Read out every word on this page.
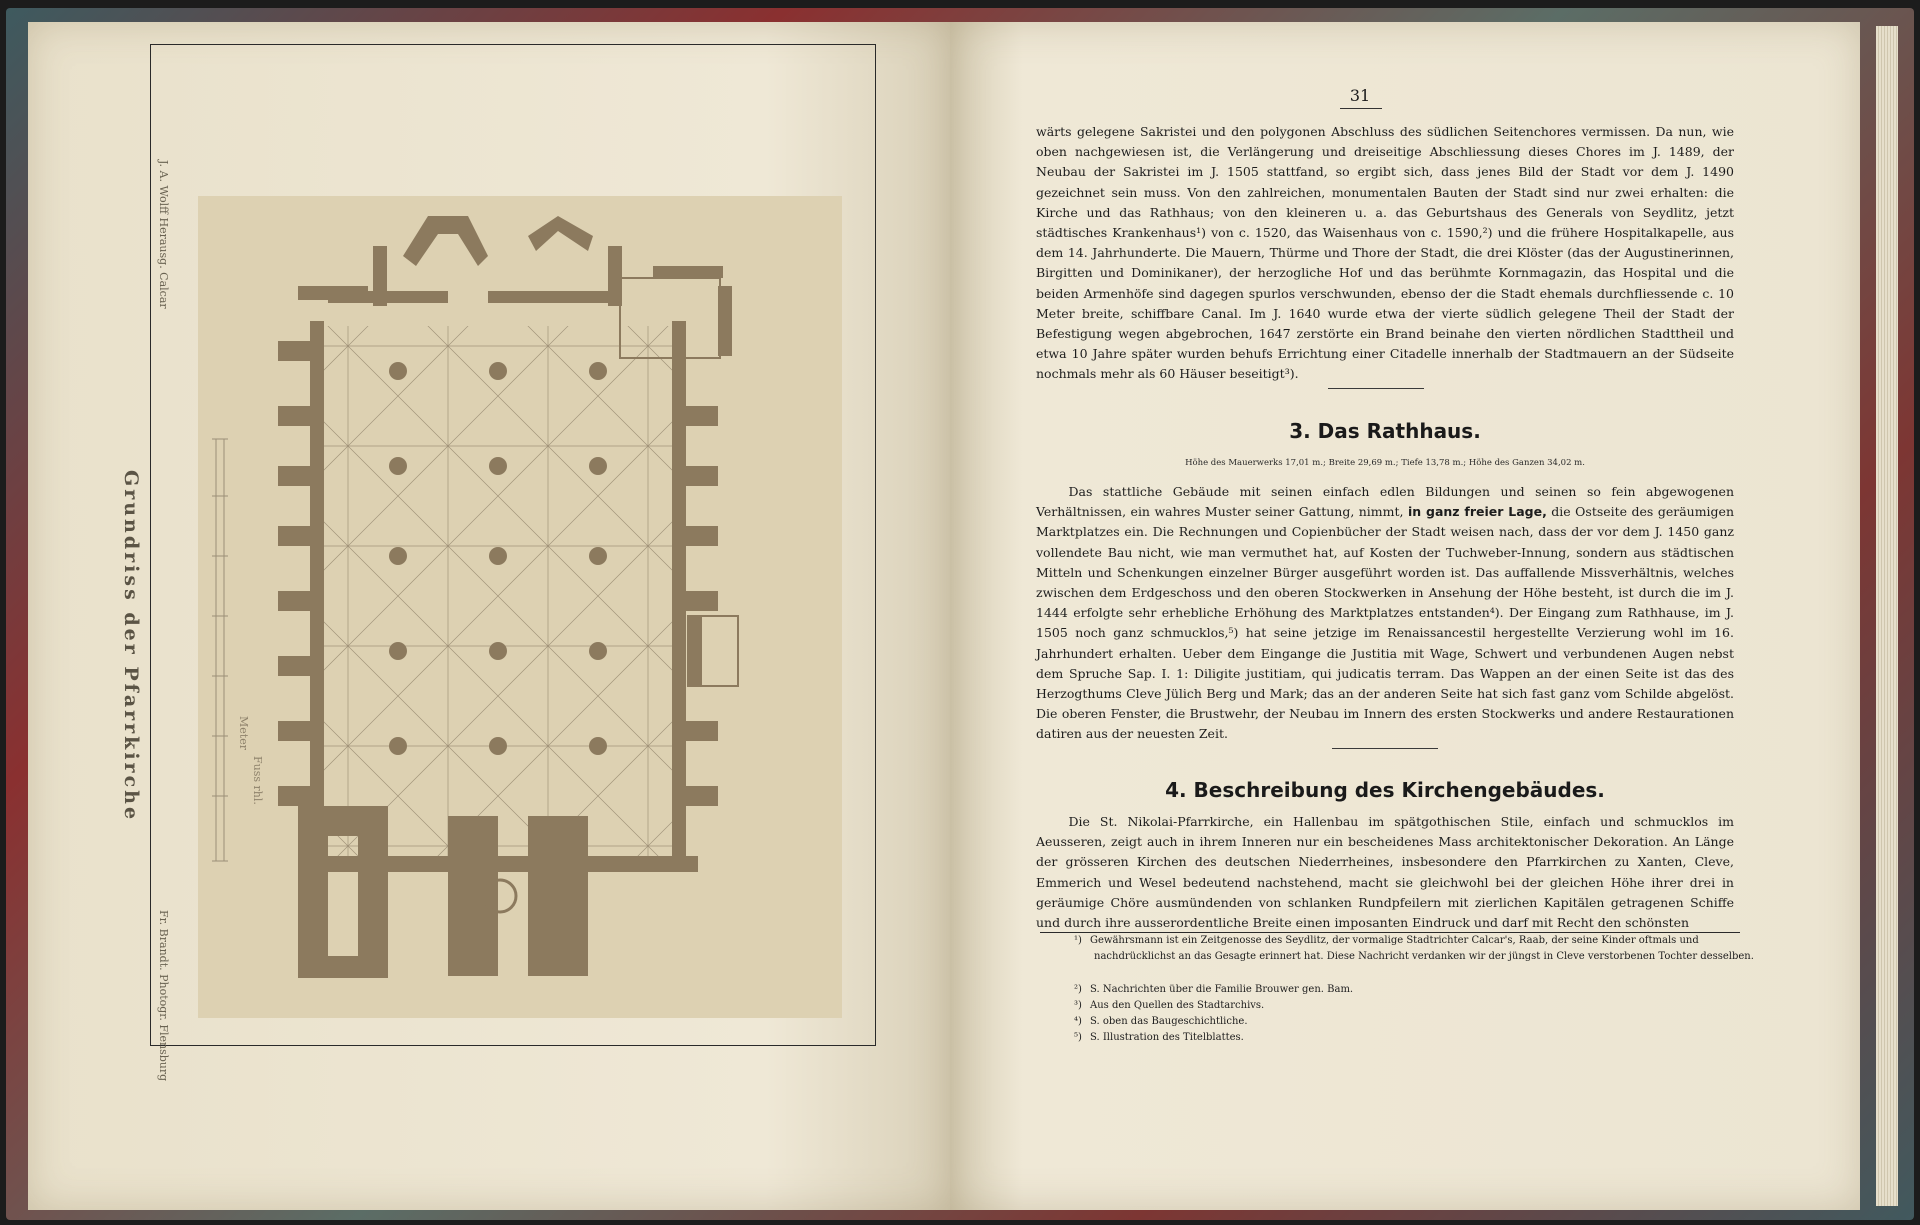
J. A. Wolff Herausg. Calcar
Grundriss der Pfarrkirche
Fr. Brandt. Photogr. Flensburg
Meter
Fuss rhl.
31
wärts gelegene Sakristei und den polygonen Abschluss des südlichen Seitenchores vermissen. Da nun, wie oben nachgewiesen ist, die Verlängerung und dreiseitige Abschliessung dieses Chores im J. 1489, der Neubau der Sakristei im J. 1505 stattfand, so ergibt sich, dass jenes Bild der Stadt vor dem J. 1490 gezeichnet sein muss. Von den zahlreichen, monumentalen Bauten der Stadt sind nur zwei erhalten: die Kirche und das Rathhaus; von den kleineren u. a. das Geburtshaus des Generals von Seydlitz, jetzt städtisches Krankenhaus¹) von c. 1520, das Waisenhaus von c. 1590,²) und die frühere Hospitalkapelle, aus dem 14. Jahrhunderte. Die Mauern, Thürme und Thore der Stadt, die drei Klöster (das der Augustinerinnen, Birgitten und Dominikaner), der herzogliche Hof und das berühmte Kornmagazin, das Hospital und die beiden Armenhöfe sind dagegen spurlos verschwunden, ebenso der die Stadt ehemals durchfliessende c. 10 Meter breite, schiffbare Canal. Im J. 1640 wurde etwa der vierte südlich gelegene Theil der Stadt der Befestigung wegen abgebrochen, 1647 zerstörte ein Brand beinahe den vierten nördlichen Stadttheil und etwa 10 Jahre später wurden behufs Errichtung einer Citadelle innerhalb der Stadtmauern an der Südseite nochmals mehr als 60 Häuser beseitigt³).
3. Das Rathhaus.
Höhe des Mauerwerks 17,01 m.; Breite 29,69 m.; Tiefe 13,78 m.; Höhe des Ganzen 34,02 m.
Das stattliche Gebäude mit seinen einfach edlen Bildungen und seinen so fein abgewogenen Verhältnissen, ein wahres Muster seiner Gattung, nimmt, in ganz freier Lage, die Ostseite des geräumigen Marktplatzes ein. Die Rechnungen und Copienbücher der Stadt weisen nach, dass der vor dem J. 1450 ganz vollendete Bau nicht, wie man vermuthet hat, auf Kosten der Tuchweber-Innung, sondern aus städtischen Mitteln und Schenkungen einzelner Bürger ausgeführt worden ist. Das auffallende Missverhältnis, welches zwischen dem Erdgeschoss und den oberen Stockwerken in Ansehung der Höhe besteht, ist durch die im J. 1444 erfolgte sehr erhebliche Erhöhung des Marktplatzes entstanden⁴). Der Eingang zum Rathhause, im J. 1505 noch ganz schmucklos,⁵) hat seine jetzige im Renaissancestil hergestellte Verzierung wohl im 16. Jahrhundert erhalten. Ueber dem Eingange die Justitia mit Wage, Schwert und verbundenen Augen nebst dem Spruche Sap. I. 1: Diligite justitiam, qui judicatis terram. Das Wappen an der einen Seite ist das des Herzogthums Cleve Jülich Berg und Mark; das an der anderen Seite hat sich fast ganz vom Schilde abgelöst. Die oberen Fenster, die Brustwehr, der Neubau im Innern des ersten Stockwerks und andere Restaurationen datiren aus der neuesten Zeit.
4. Beschreibung des Kirchengebäudes.
Die St. Nikolai-Pfarrkirche, ein Hallenbau im spätgothischen Stile, einfach und schmucklos im Aeusseren, zeigt auch in ihrem Inneren nur ein bescheidenes Mass architektonischer Dekoration. An Länge der grösseren Kirchen des deutschen Niederrheines, insbesondere den Pfarrkirchen zu Xanten, Cleve, Emmerich und Wesel bedeutend nachstehend, macht sie gleichwohl bei der gleichen Höhe ihrer drei in geräumige Chöre ausmündenden von schlanken Rundpfeilern mit zierlichen Kapitälen getragenen Schiffe und durch ihre ausserordentliche Breite einen imposanten Eindruck und darf mit Recht den schönsten
¹) Gewährsmann ist ein Zeitgenosse des Seydlitz, der vormalige Stadtrichter Calcar's, Raab, der seine Kinder oftmals und nachdrücklichst an das Gesagte erinnert hat. Diese Nachricht verdanken wir der jüngst in Cleve verstorbenen Tochter desselben.
²) S. Nachrichten über die Familie Brouwer gen. Bam.
³) Aus den Quellen des Stadtarchivs.
⁴) S. oben das Baugeschichtliche.
⁵) S. Illustration des Titelblattes.
